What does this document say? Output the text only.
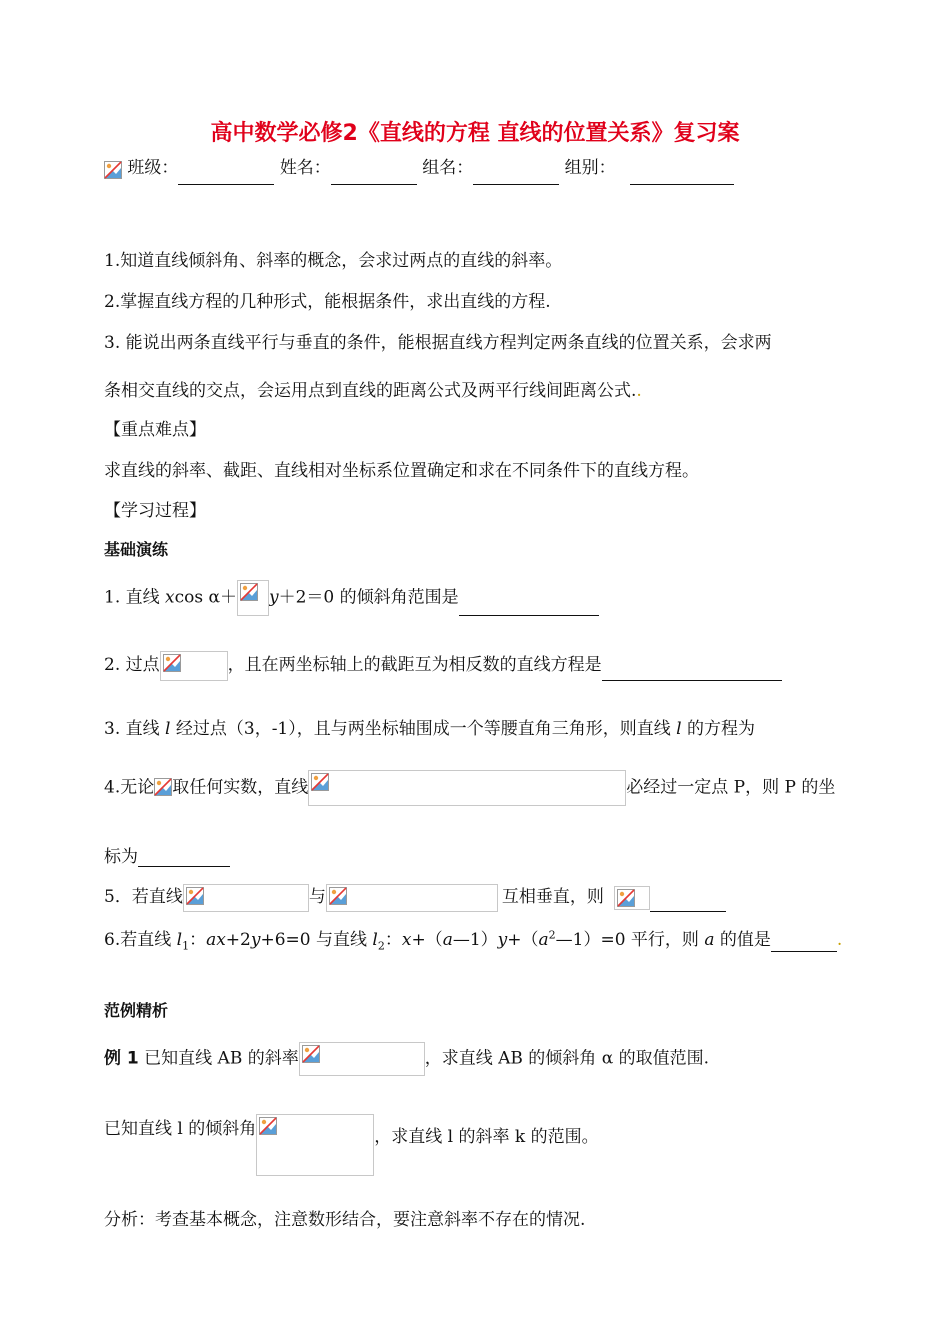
高中数学必修2《直线的方程 直线的位置关系》复习案
班级：	姓名：	组名：	组别：
1.知道直线倾斜角、斜率的概念，会求过两点的直线的斜率。
2.掌握直线方程的几种形式，能根据条件，求出直线的方程.
3. 能说出两条直线平行与垂直的条件，能根据直线方程判定两条直线的位置关系，会求两
条相交直线的交点，会运用点到直线的距离公式及两平行线间距离公式..
【重点难点】
求直线的斜率、截距、直线相对坐标系位置确定和求在不同条件下的直线方程。
【学习过程】
基础演练
1. 直线 xcos α＋ y＋2＝0 的倾斜角范围是
2. 过点	，且在两坐标轴上的截距互为相反数的直线方程是
3. 直线 l 经过点（3，-1），且与两坐标轴围成一个等腰直角三角形，则直线 l 的方程为
4.无论 取任何实数，直线	必经过一定点 P，则 P 的坐
标为
5．若直线	与	互相垂直，则
6.若直线 $l_1$：ax+2y+6=0 与直线 $l_2$：$x+(a—1)y+(a^2—1)=0$ 平行，则 a 的值是	.
范例精析
例 1 已知直线 AB 的斜率	，求直线 AB 的倾斜角 α 的取值范围.
已知直线 l 的倾斜角	，求直线 l 的斜率 k 的范围。
分析：考查基本概念，注意数形结合，要注意斜率不存在的情况.
